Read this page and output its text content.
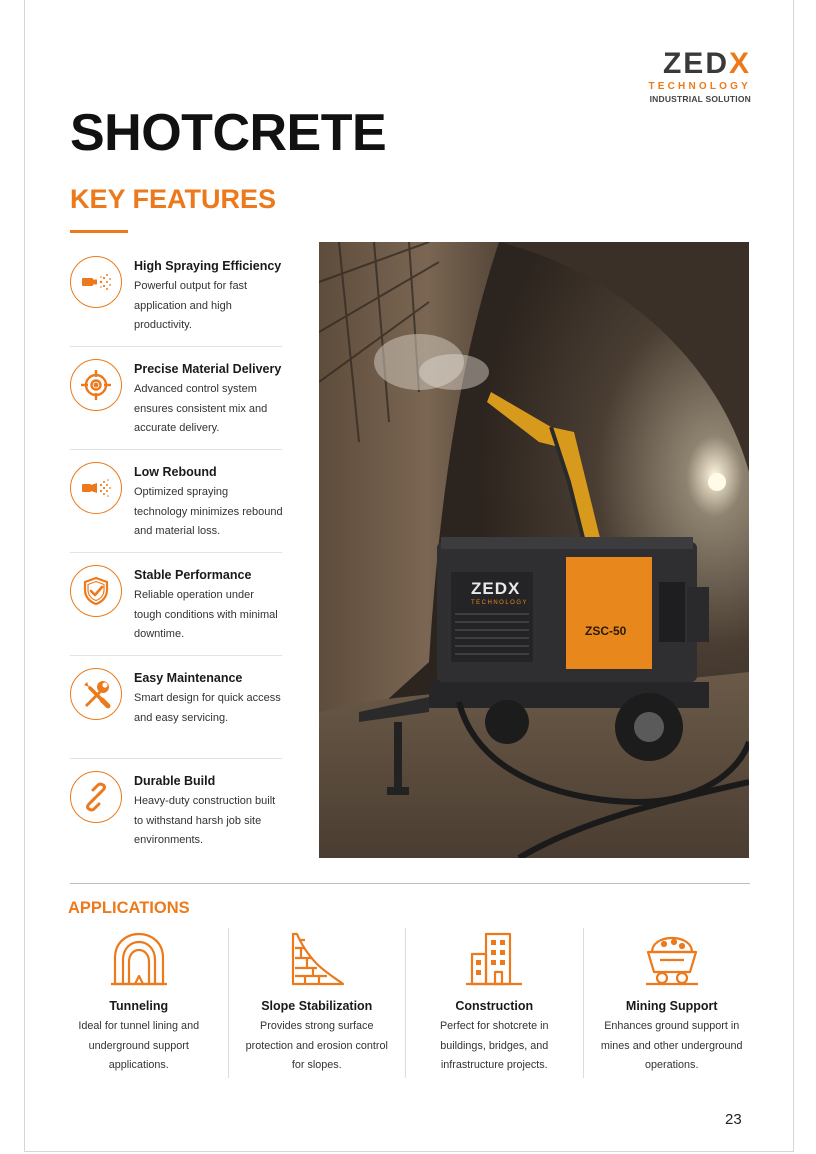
ZEDX
TECHNOLOGY
INDUSTRIAL SOLUTION
SHOTCRETE
KEY FEATURES
High Spraying Efficiency
Powerful output for fast application and high productivity.
Precise Material Delivery
Advanced control system ensures consistent mix and accurate delivery.
Low Rebound
Optimized spraying technology minimizes rebound and material loss.
Stable Performance
Reliable operation under tough conditions with minimal downtime.
Easy Maintenance
Smart design for quick access and easy servicing.
Durable Build
Heavy-duty construction built to withstand harsh job site environments.
ZEDX
TECHNOLOGY
ZSC-50
APPLICATIONS
Tunneling
Ideal for tunnel lining and underground support applications.
Slope Stabilization
Provides strong surface protection and erosion control for slopes.
Construction
Perfect for shotcrete in buildings, bridges, and infrastructure projects.
Mining Support
Enhances ground support in mines and other underground operations.
23
